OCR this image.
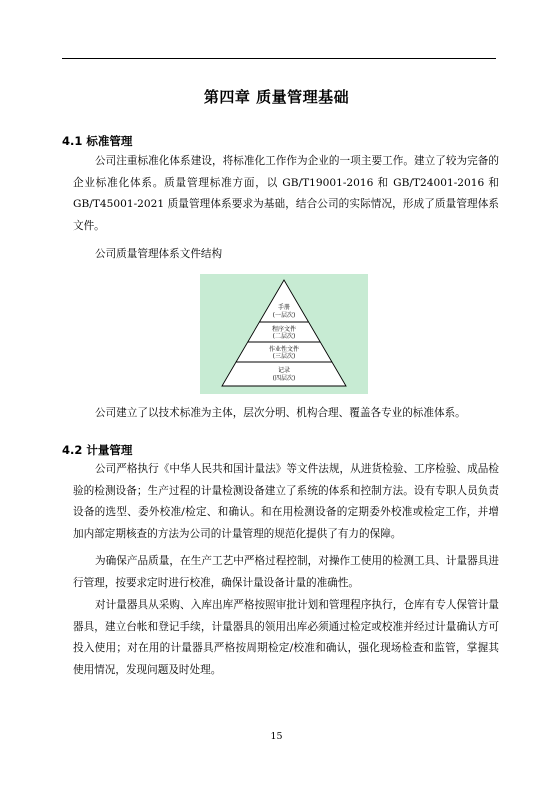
第四章 质量管理基础
4.1 标准管理

公司注重标准化体系建设，将标准化工作作为企业的一项主要工作。建立了较为完备的企业标准化体系。质量管理标准方面，以 GB/T19001-2016 和 GB/T24001-2016 和 GB/T45001-2021 质量管理体系要求为基础，结合公司的实际情况，形成了质量管理体系文件。

公司质量管理体系文件结构
手册
(一层次)
程序文件
(二层次)
作业性文件
(三层次)
记录
(四层次)

公司建立了以技术标准为主体，层次分明、机构合理、覆盖各专业的标准体系。

4.2 计量管理

公司严格执行《中华人民共和国计量法》等文件法规，从进货检验、工序检验、成品检验的检测设备；生产过程的计量检测设备建立了系统的体系和控制方法。设有专职人员负责设备的选型、委外校准/检定、和确认。和在用检测设备的定期委外校准或检定工作，并增加内部定期核查的方法为公司的计量管理的规范化提供了有力的保障。

为确保产品质量，在生产工艺中严格过程控制，对操作工使用的检测工具、计量器具进行管理，按要求定时进行校准，确保计量设备计量的准确性。

对计量器具从采购、入库出库严格按照审批计划和管理程序执行，仓库有专人保管计量器具，建立台帐和登记手续，计量器具的领用出库必须通过检定或校准并经过计量确认方可投入使用；对在用的计量器具严格按周期检定/校准和确认，强化现场检查和监管，掌握其使用情况，发现问题及时处理。

15
